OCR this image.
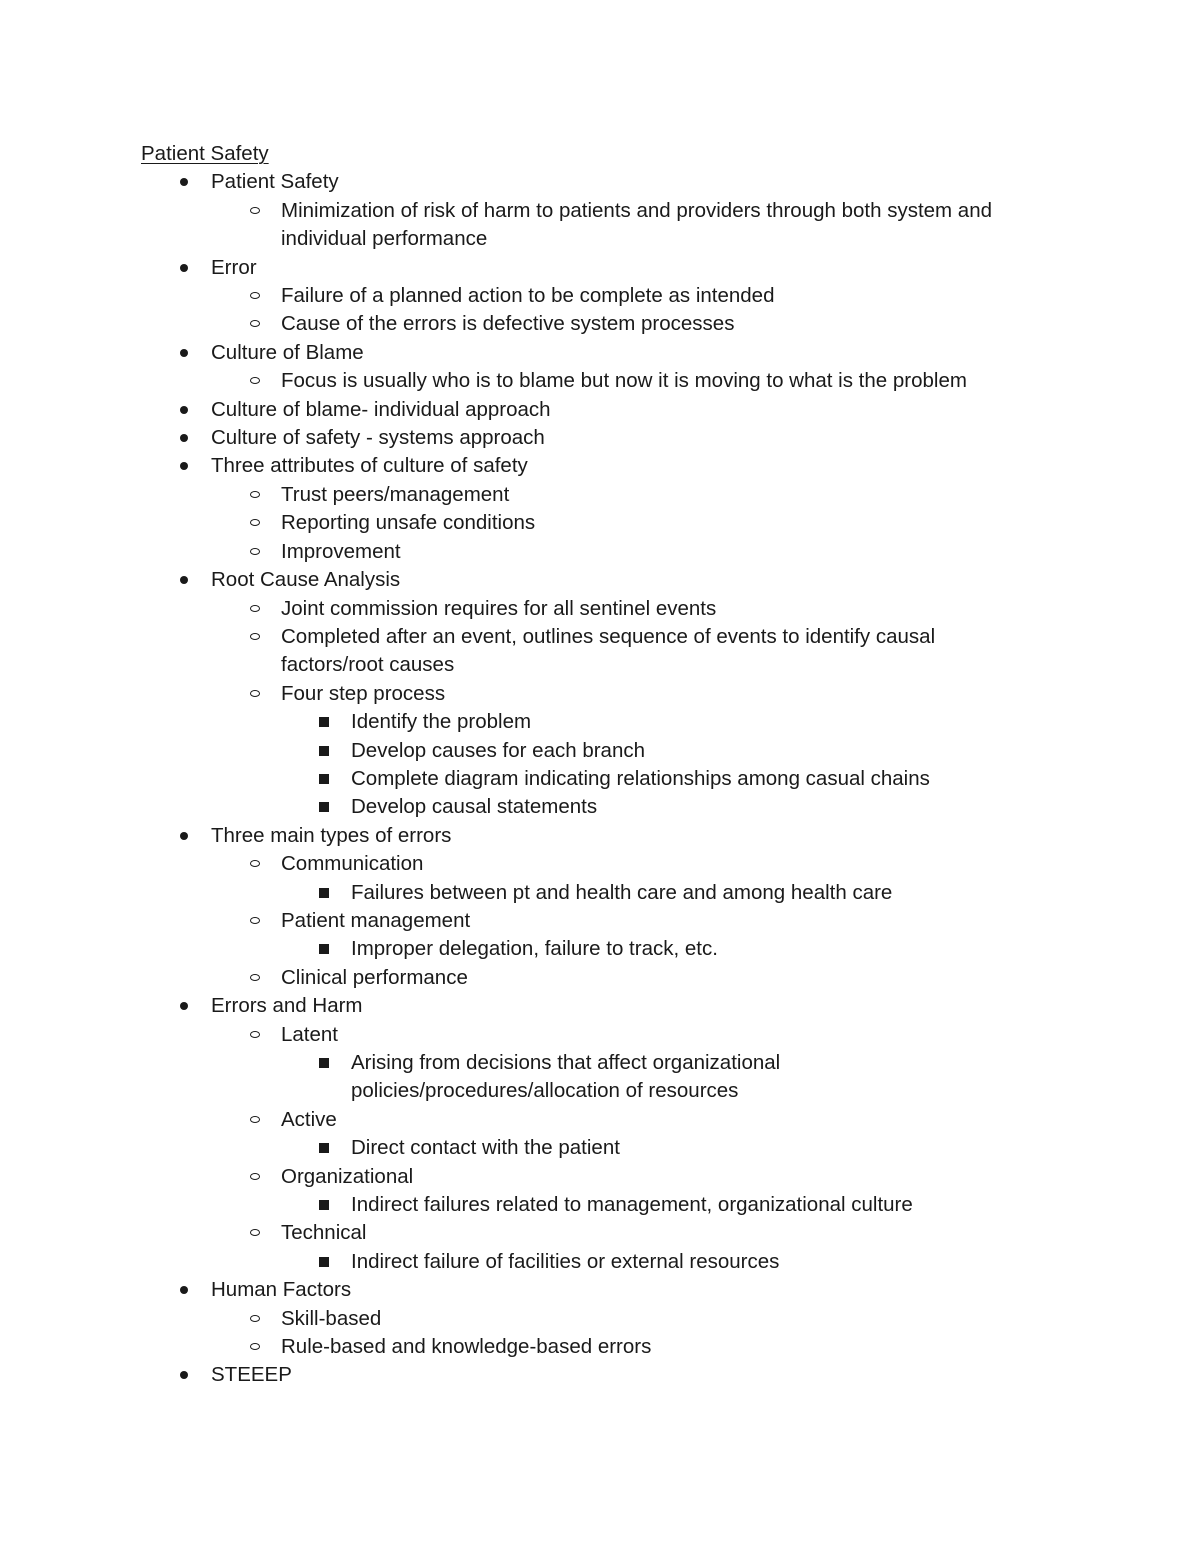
Patient Safety
Patient Safety
Minimization of risk of harm to patients and providers through both system and individual performance
Error
Failure of a planned action to be complete as intended
Cause of the errors is defective system processes
Culture of Blame
Focus is usually who is to blame but now it is moving to what is the problem
Culture of blame- individual approach
Culture of safety - systems approach
Three attributes of culture of safety
Trust peers/management
Reporting unsafe conditions
Improvement
Root Cause Analysis
Joint commission requires for all sentinel events
Completed after an event, outlines sequence of events to identify causal factors/root causes
Four step process
Identify the problem
Develop causes for each branch
Complete diagram indicating relationships among casual chains
Develop causal statements
Three main types of errors
Communication
Failures between pt and health care and among health care
Patient management
Improper delegation, failure to track, etc.
Clinical performance
Errors and Harm
Latent
Arising from decisions that affect organizational policies/procedures/allocation of resources
Active
Direct contact with the patient
Organizational
Indirect failures related to management, organizational culture
Technical
Indirect failure of facilities or external resources
Human Factors
Skill-based
Rule-based and knowledge-based errors
STEEEP
